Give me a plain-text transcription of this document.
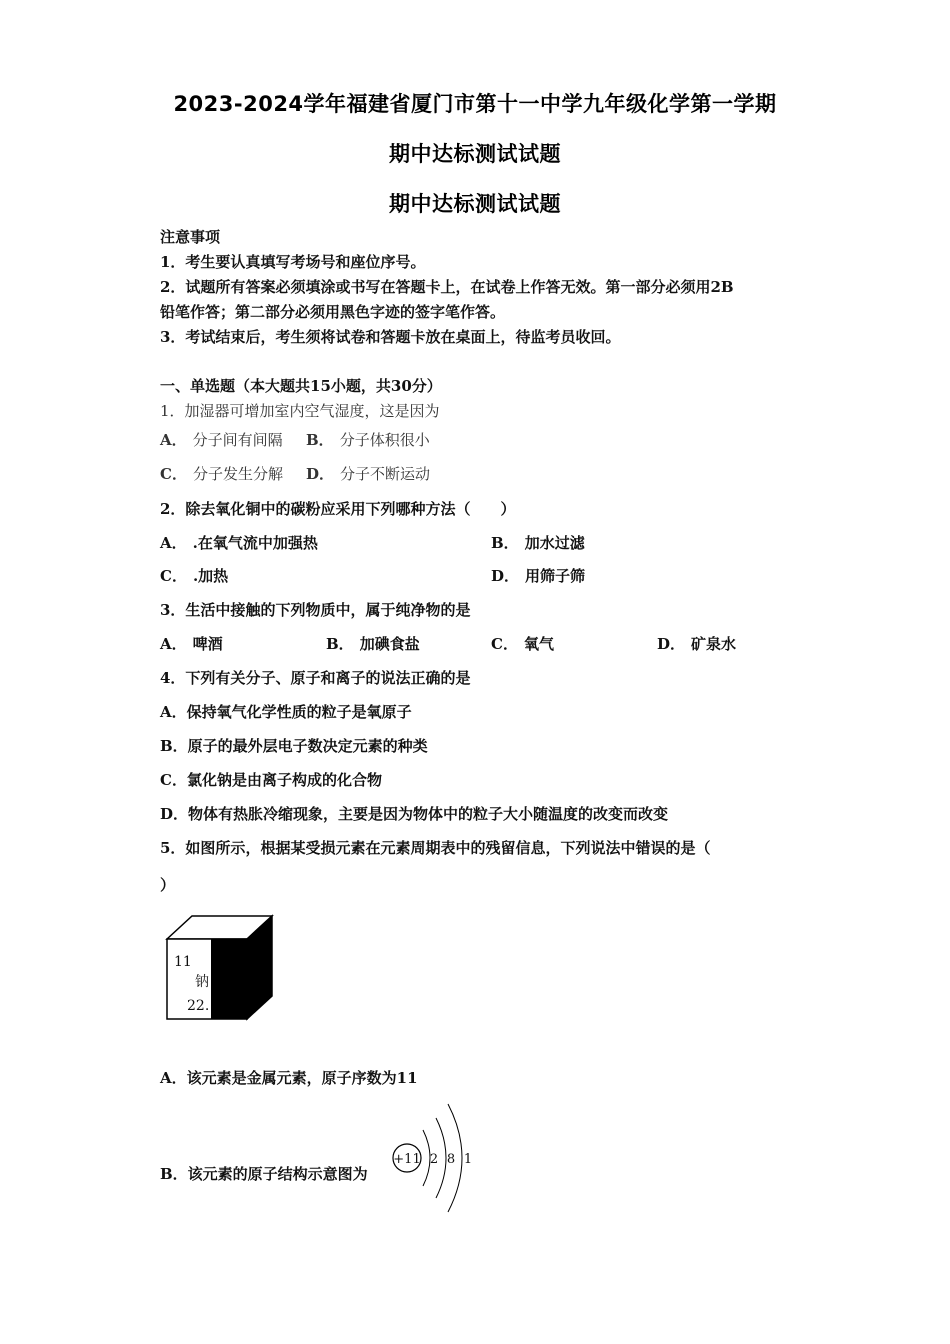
2023-2024学年福建省厦门市第十一中学九年级化学第一学期
期中达标测试试题
期中达标测试试题
注意事项
1．考生要认真填写考场号和座位序号。
2．试题所有答案必须填涂或书写在答题卡上，在试卷上作答无效。第一部分必须用2B
铅笔作答；第二部分必须用黑色字迹的签字笔作答。
3．考试结束后，考生须将试卷和答题卡放在桌面上，待监考员收回。
一、单选题（本大题共15小题，共30分）
1．加湿器可增加室内空气湿度，这是因为
A． 分子间有间隔 B． 分子体积很小
C． 分子发生分解 D． 分子不断运动
2．除去氧化铜中的碳粉应采用下列哪种方法（　　）
A． .在氧气流中加强热	B． 加水过滤
C． .加热	D． 用筛子筛
3．生活中接触的下列物质中，属于纯净物的是
A． 啤酒	B． 加碘食盐	C． 氧气	D． 矿泉水
4．下列有关分子、原子和离子的说法正确的是
A．保持氧气化学性质的粒子是氧原子
B．原子的最外层电子数决定元素的种类
C．氯化钠是由离子构成的化合物
D．物体有热胀冷缩现象，主要是因为物体中的粒子大小随温度的改变而改变
5．如图所示，根据某受损元素在元素周期表中的残留信息，下列说法中错误的是（
）
11
钠
22.
A．该元素是金属元素，原子序数为11
B．该元素的原子结构示意图为
+11 2 8 1
